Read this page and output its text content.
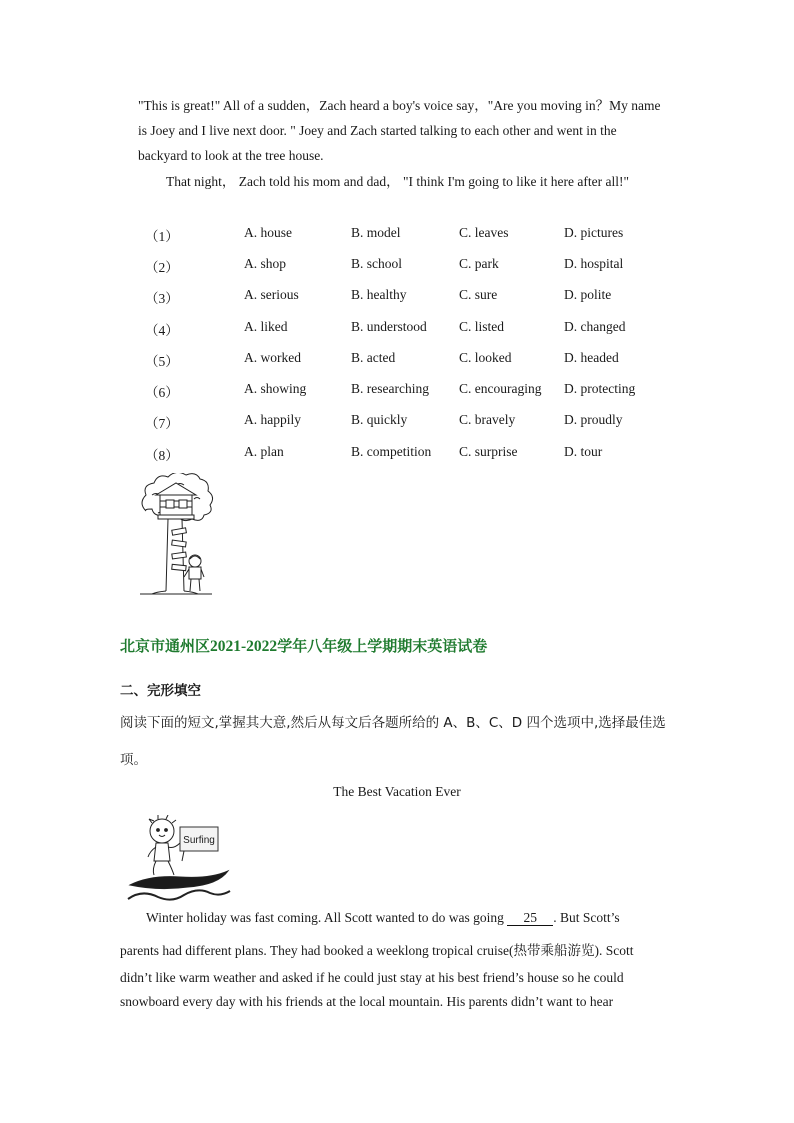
"This is great!" All of a sudden，Zach heard a boy's voice say，"Are you moving in？My name
is Joey and I live next door. " Joey and Zach started talking to each other and went in the
backyard to look at the tree house.
That night， Zach told his mom and dad， "I think I'm going to like it here after all!"
（1）	A. house	B. model	C. leaves	D. pictures
（2）	A. shop	B. school	C. park	D. hospital
（3）	A. serious	B. healthy	C. sure	D. polite
（4）	A. liked	B. understood C. listed	D. changed
（5）	A. worked	B. acted	C. looked	D. headed
（6）	A. showing	B. researching C. encouraging D. protecting
（7）	A. happily	B. quickly	C. bravely	D. proudly
（8）	A. plan	B. competition C. surprise	D. tour
北京市通州区2021-2022学年八年级上学期期末英语试卷
二、完形填空
阅读下面的短文,掌握其大意,然后从每文后各题所给的 A、B、C、D 四个选项中,选择最佳选
项。
The Best Vacation Ever
Surfing
Winter holiday was fast coming. All Scott wanted to do was going 25 . But Scott’s
parents had different plans. They had booked a weeklong tropical cruise(热带乘船游览). Scott
didn’t like warm weather and asked if he could just stay at his best friend’s house so he could
snowboard every day with his friends at the local mountain. His parents didn’t want to hear
